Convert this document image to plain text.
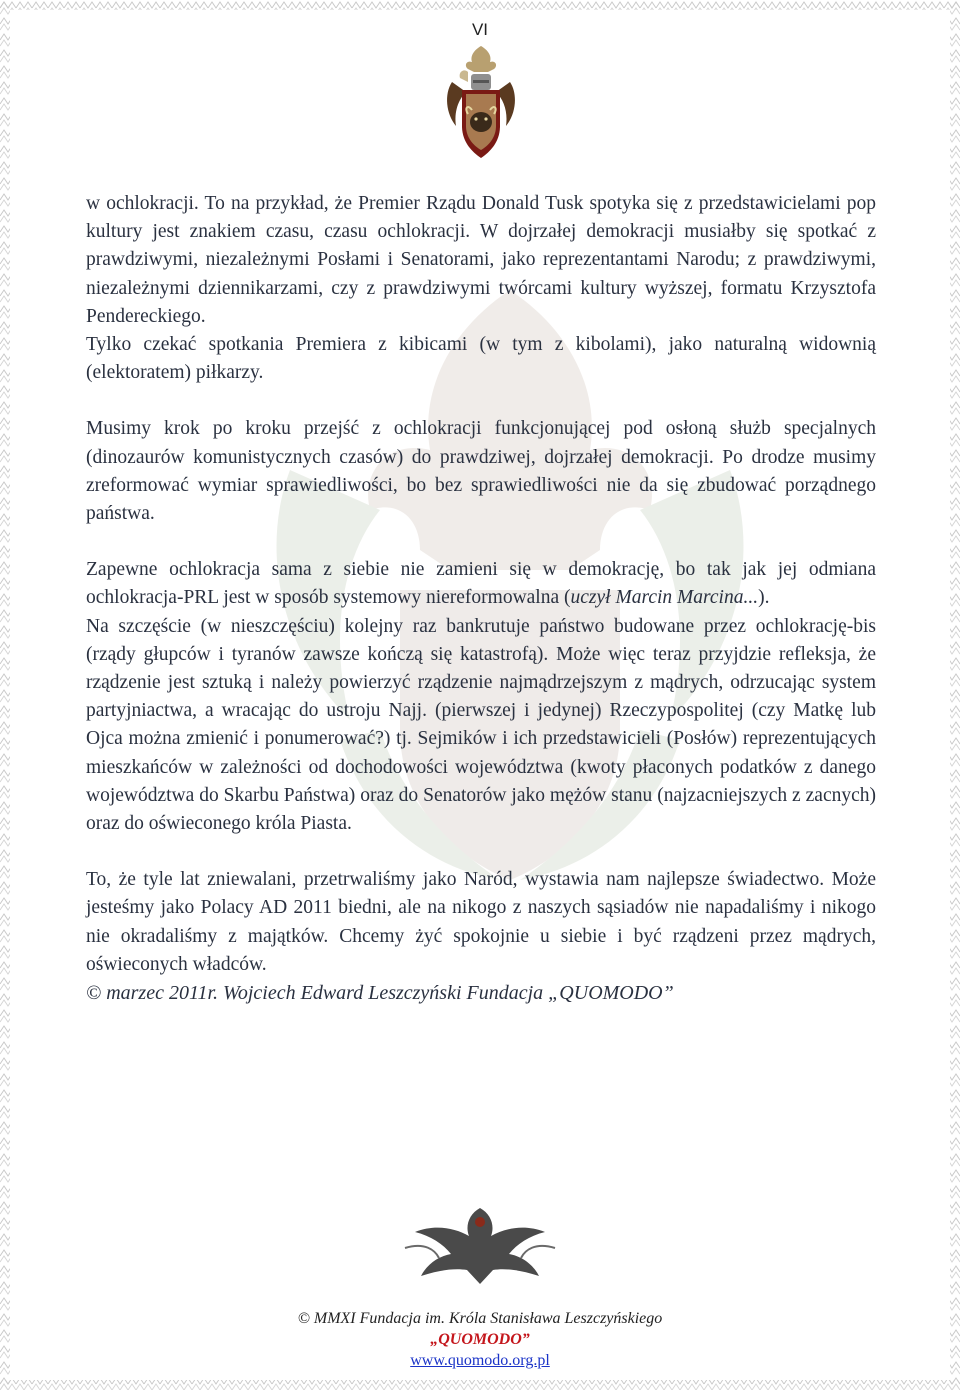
VI

w ochlokracji. To na przykład, że Premier Rządu Donald Tusk spotyka się z przedstawicielami pop kultury jest znakiem czasu, czasu ochlokracji. W dojrzałej demokracji musiałby się spotkać z prawdziwymi, niezależnymi Posłami i Senatorami, jako reprezentantami Narodu; z prawdziwymi, niezależnymi dziennikarzami, czy z prawdziwymi twórcami kultury wyższej, formatu Krzysztofa Pendereckiego.

Tylko czekać spotkania Premiera z kibicami (w tym z kibolami), jako naturalną widownią (elektoratem) piłkarzy.

Musimy krok po kroku przejść z ochlokracji funkcjonującej pod osłoną służb specjalnych (dinozaurów komunistycznych czasów) do prawdziwej, dojrzałej demokracji. Po drodze musimy zreformować wymiar sprawiedliwości, bo bez sprawiedliwości nie da się zbudować porządnego państwa.

Zapewne ochlokracja sama z siebie nie zamieni się w demokrację, bo tak jak jej odmiana ochlokracja-PRL jest w sposób systemowy niereformowalna (uczył Marcin Marcina...).

Na szczęście (w nieszczęściu) kolejny raz bankrutuje państwo budowane przez ochlokrację-bis (rządy głupców i tyranów zawsze kończą się katastrofą). Może więc teraz przyjdzie refleksja, że rządzenie jest sztuką i należy powierzyć rządzenie najmądrzejszym z mądrych, odrzucając system partyjniactwa, a wracając do ustroju Najj. (pierwszej i jedynej) Rzeczypospolitej (czy Matkę lub Ojca można zmienić i ponumerować?) tj. Sejmików i ich przedstawicieli (Posłów) reprezentujących mieszkańców w zależności od dochodowości województwa (kwoty płaconych podatków z danego województwa do Skarbu Państwa) oraz do Senatorów jako mężów stanu (najzacniejszych z zacnych) oraz do oświeconego króla Piasta.

To, że tyle lat zniewalani, przetrwaliśmy jako Naród, wystawia nam najlepsze świadectwo. Może jesteśmy jako Polacy AD 2011 biedni, ale na nikogo z naszych sąsiadów nie napadaliśmy i nikogo nie okradaliśmy z majątków. Chcemy żyć spokojnie u siebie i być rządzeni przez mądrych, oświeconych władców.

© marzec 2011r. Wojciech Edward Leszczyński Fundacja „QUOMODO”

© MMXI Fundacja im. Króla Stanisława Leszczyńskiego
„QUOMODO”
www.quomodo.org.pl
